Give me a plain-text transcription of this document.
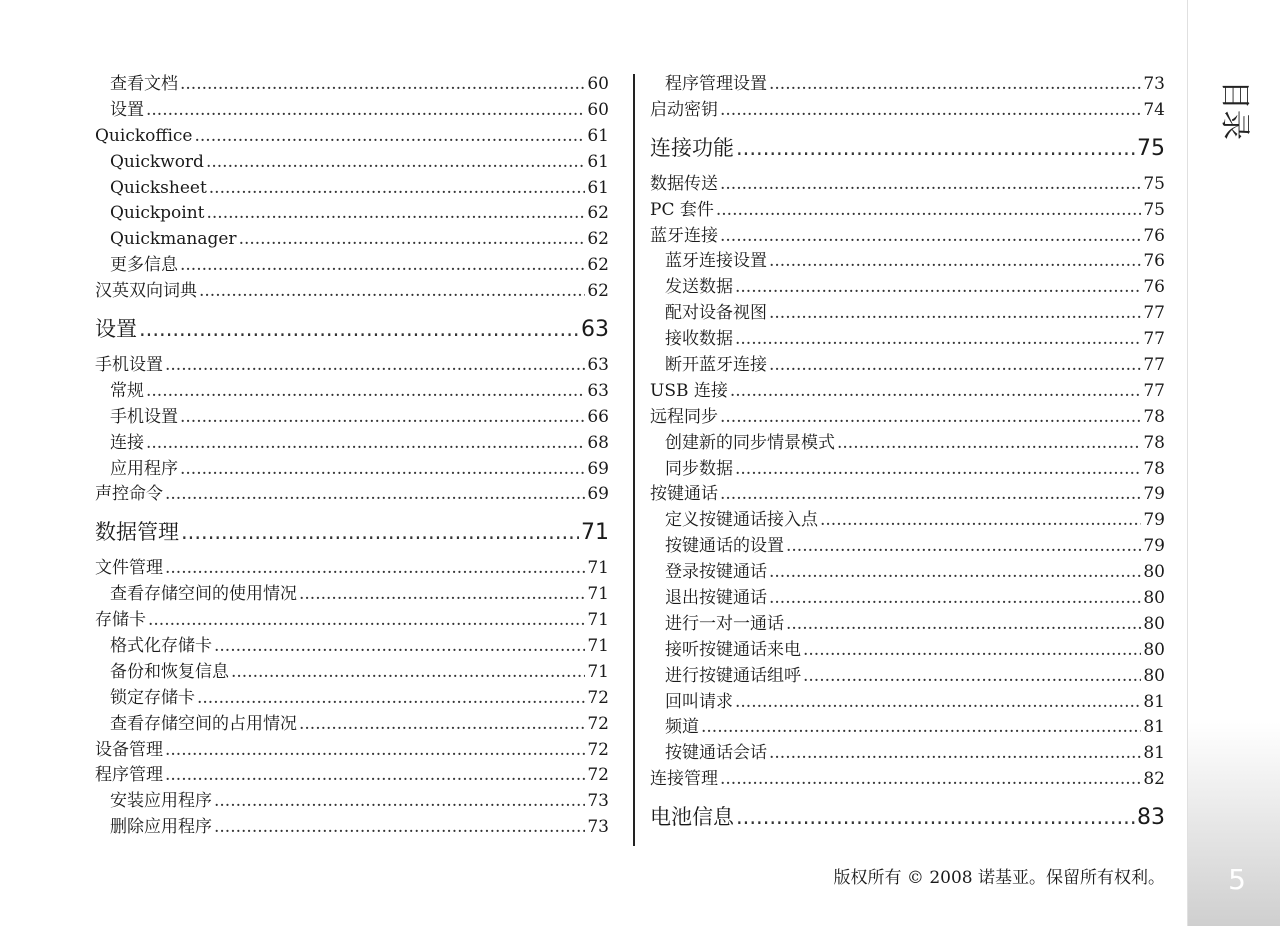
目录
5
查看文档 .....	60
设置 .....	60
Quickoffice .....	61
Quickword .....	61
Quicksheet .....	61
Quickpoint .....	62
Quickmanager .....	62
更多信息 .....	62
汉英双向词典 .....	62
设置 .....	63
手机设置 .....	63
常规 .....	63
手机设置 .....	66
连接 .....	68
应用程序 .....	69
声控命令 .....	69
数据管理 .....	71
文件管理 .....	71
查看存储空间的使用情况 .....	71
存储卡 .....	71
格式化存储卡 .....	71
备份和恢复信息 .....	71
锁定存储卡 .....	72
查看存储空间的占用情况 .....	72
设备管理 .....	72
程序管理 .....	72
安装应用程序 .....	73
删除应用程序 .....	73
程序管理设置 .....	73
启动密钥 .....	74
连接功能 .....	75
数据传送 .....	75
PC 套件 .....	75
蓝牙连接 .....	76
蓝牙连接设置 .....	76
发送数据 .....	76
配对设备视图 .....	77
接收数据 .....	77
断开蓝牙连接 .....	77
USB 连接 .....	77
远程同步 .....	78
创建新的同步情景模式 .....	78
同步数据 .....	78
按键通话 .....	79
定义按键通话接入点 .....	79
按键通话的设置 .....	79
登录按键通话 .....	80
退出按键通话 .....	80
进行一对一通话 .....	80
接听按键通话来电 .....	80
进行按键通话组呼 .....	80
回叫请求 .....	81
频道 .....	81
按键通话会话 .....	81
连接管理 .....	82
电池信息 .....	83
版权所有 © 2008 诺基亚。保留所有权利。
